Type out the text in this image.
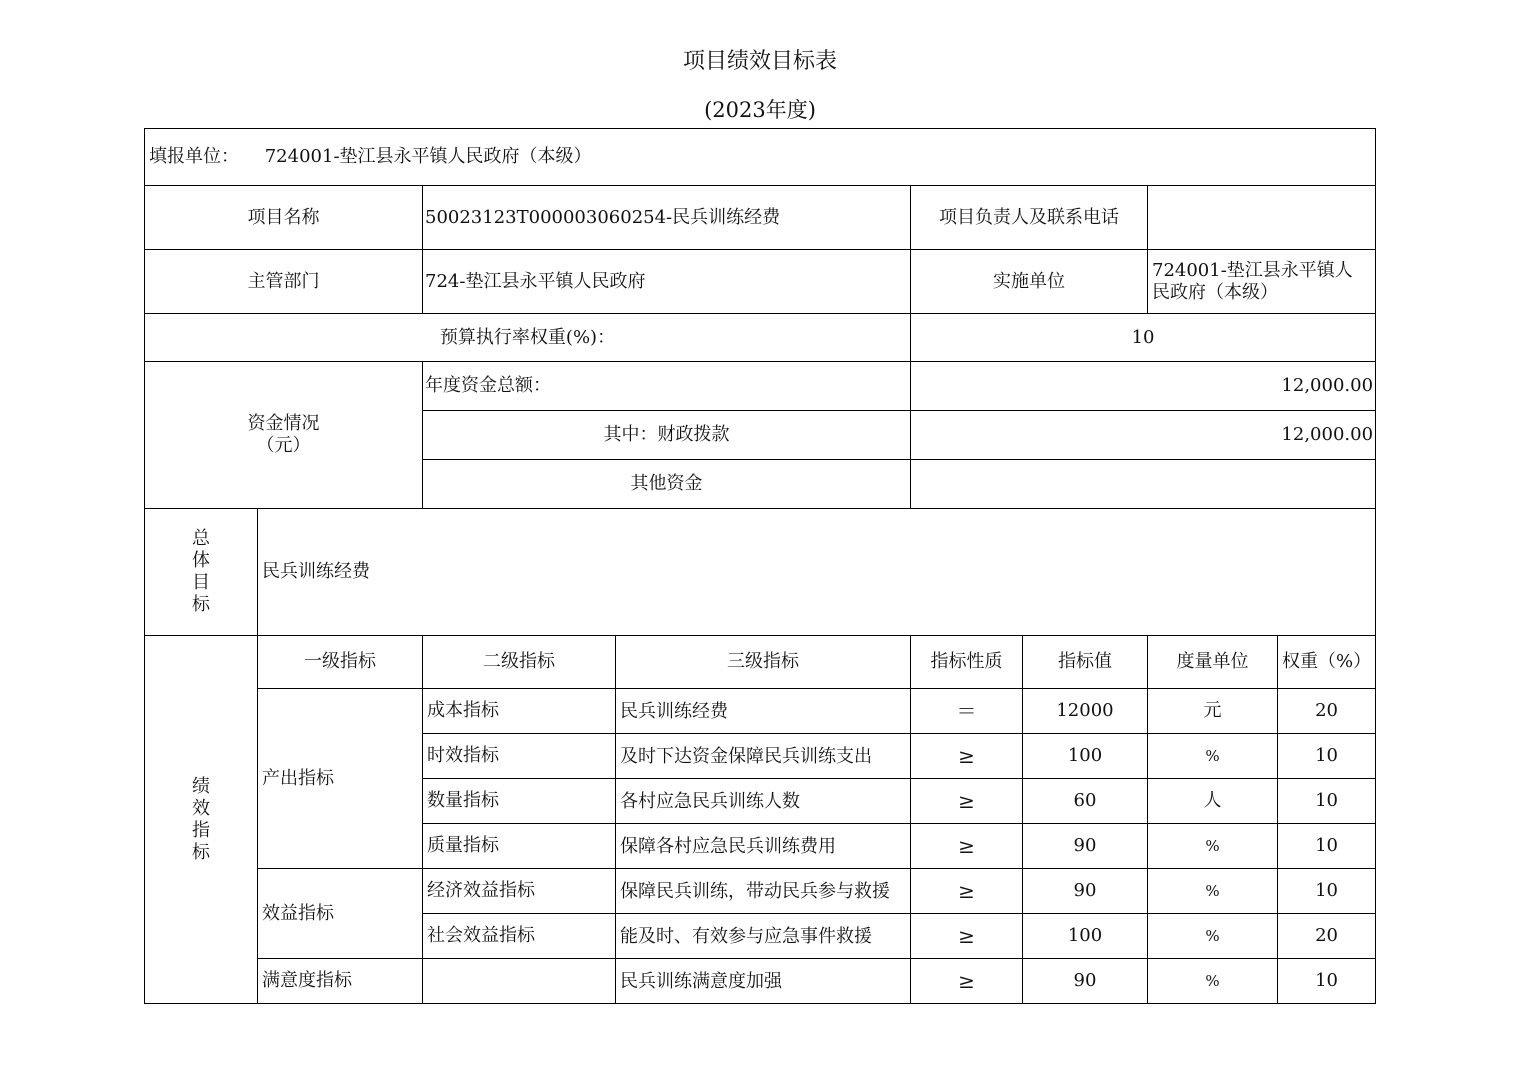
项目绩效目标表
(2023年度)
填报单位： 724001-垫江县永平镇人民政府（本级）							
项目名称		50023123T000003060254-民兵训练经费		项目负责人及联系电话			
主管部门		724-垫江县永平镇人民政府		实施单位		724001-垫江县永平镇人民政府（本级）	
预算执行率权重(%)：				10			

资金情况
（元）		年度资金总额：		12,000.00			
		其中：财政拨款		12,000.00			
		其他资金					

总
体
目
标	民兵训练经费						

绩
效
指
标	一级指标	二级指标	三级指标	指标性质	指标值	度量单位	权重（%）
	产出指标	成本指标	民兵训练经费	＝	12000	元	20
		时效指标	及时下达资金保障民兵训练支出	≥	100	%	10
		数量指标	各村应急民兵训练人数	≥	60	人	10
		质量指标	保障各村应急民兵训练费用	≥	90	%	10
	效益指标	经济效益指标	保障民兵训练，带动民兵参与救援	≥	90	%	10
		社会效益指标	能及时、有效参与应急事件救援	≥	100	%	20
	满意度指标		民兵训练满意度加强	≥	90	%	10
